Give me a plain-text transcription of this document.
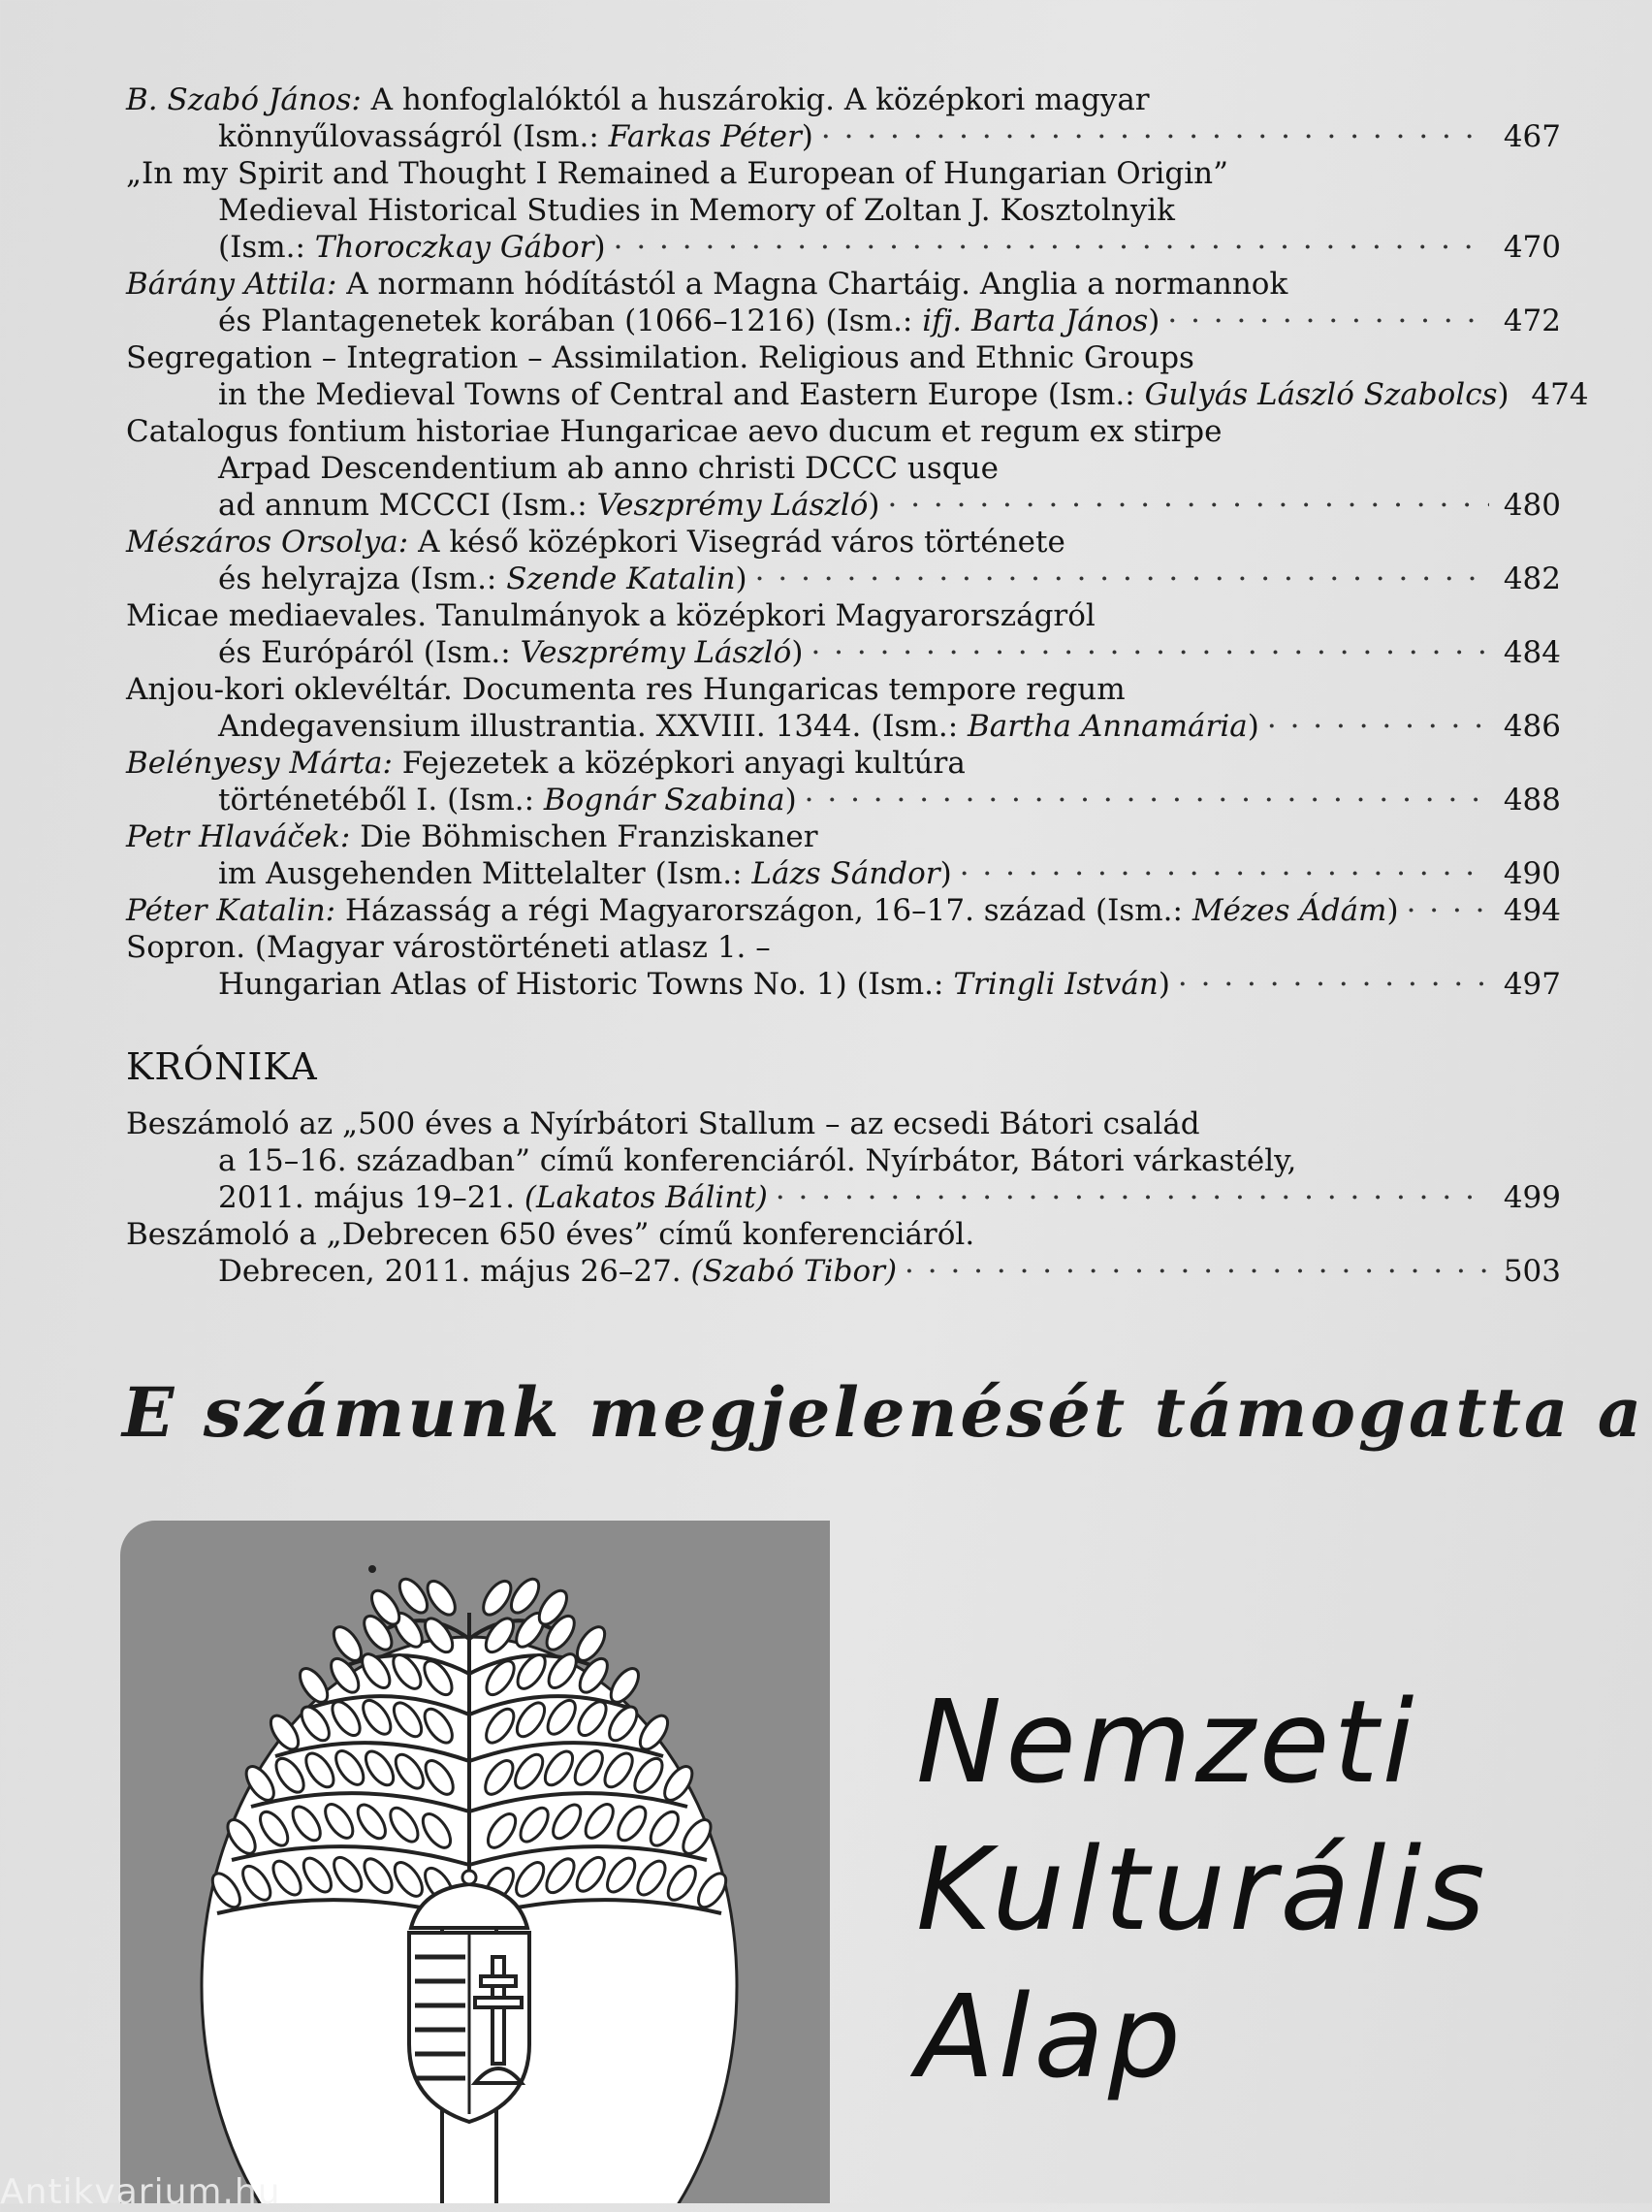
B. Szabó János: A honfoglalóktól a huszárokig. A középkori magyar
könnyűlovasságról (Ism.: Farkas Péter) · · ·	467
„In my Spirit and Thought I Remained a European of Hungarian Origin”
Medieval Historical Studies in Memory of Zoltan J. Kosztolnyik
(Ism.: Thoroczkay Gábor) · · ·	470
Bárány Attila: A normann hódítástól a Magna Chartáig. Anglia a normannok
és Plantagenetek korában (1066–1216) (Ism.: ifj. Barta János) · · ·	472
Segregation – Integration – Assimilation. Religious and Ethnic Groups
in the Medieval Towns of Central and Eastern Europe (Ism.: Gulyás László Szabolcs) 474
Catalogus fontium historiae Hungaricae aevo ducum et regum ex stirpe
Arpad Descendentium ab anno christi DCCC usque
ad annum MCCCI (Ism.: Veszprémy László) · · ·	480
Mészáros Orsolya: A késő középkori Visegrád város története
és helyrajza (Ism.: Szende Katalin) · · ·	482
Micae mediaevales. Tanulmányok a középkori Magyarországról
és Európáról (Ism.: Veszprémy László) · · ·	484
Anjou-kori oklevéltár. Documenta res Hungaricas tempore regum
Andegavensium illustrantia. XXVIII. 1344. (Ism.: Bartha Annamária) · · ·	486
Belényesy Márta: Fejezetek a középkori anyagi kultúra
történetéből I. (Ism.: Bognár Szabina) · · ·	488
Petr Hlaváček: Die Böhmischen Franziskaner
im Ausgehenden Mittelalter (Ism.: Lázs Sándor) · · ·	490
Péter Katalin: Házasság a régi Magyarországon, 16–17. század (Ism.: Mézes Ádám) · · ·	494
Sopron. (Magyar várostörténeti atlasz 1. –
Hungarian Atlas of Historic Towns No. 1) (Ism.: Tringli István) · · ·	497
KRÓNIKA
Beszámoló az „500 éves a Nyírbátori Stallum – az ecsedi Bátori család
a 15–16. században” című konferenciáról. Nyírbátor, Bátori várkastély,
2011. május 19–21. (Lakatos Bálint) · · ·	499
Beszámoló a „Debrecen 650 éves” című konferenciáról.
Debrecen, 2011. május 26–27. (Szabó Tibor) · · ·	503
E számunk megjelenését támogatta a
Nemzeti
Kulturális
Alap
Antikvarium.hu
